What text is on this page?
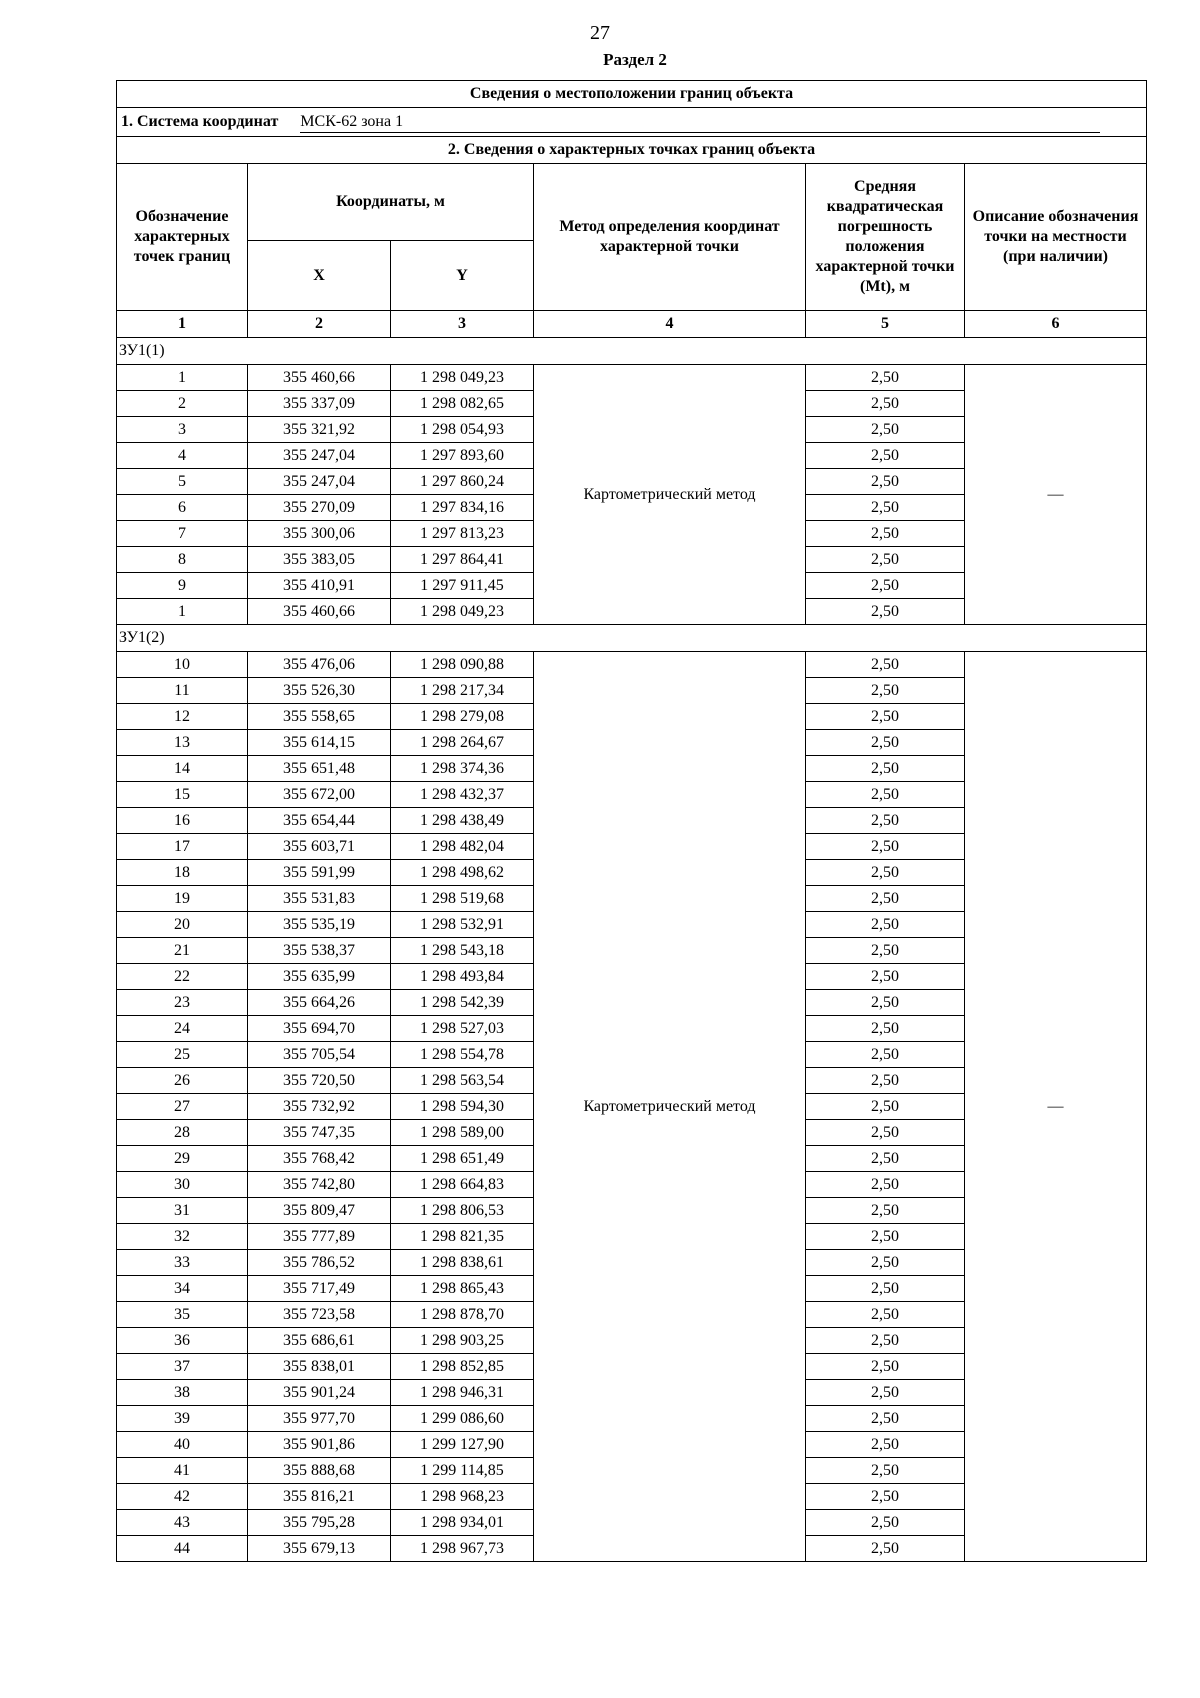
27
Раздел 2
Сведения о местоположении границ объекта					
1. Система координат МСК-62 зона 1					
2. Сведения о характерных точках границ объекта					
Обозначение характерных точек границ	Координаты, м		Метод определения координат характерной точки	Средняя квадратическая погрешность положения характерной точки (Mt), м	Описание обозначения точки на местности (при наличии)
	X	Y			
1	2	3	4	5	6
ЗУ1(1)					
1	355 460,66	1 298 049,23	Картометрический метод	2,50	—
2	355 337,09	1 298 082,65		2,50	
3	355 321,92	1 298 054,93		2,50	
4	355 247,04	1 297 893,60		2,50	
5	355 247,04	1 297 860,24		2,50	
6	355 270,09	1 297 834,16		2,50	
7	355 300,06	1 297 813,23		2,50	
8	355 383,05	1 297 864,41		2,50	
9	355 410,91	1 297 911,45		2,50	
1	355 460,66	1 298 049,23		2,50	
ЗУ1(2)					
10	355 476,06	1 298 090,88	Картометрический метод	2,50	—
11	355 526,30	1 298 217,34		2,50	
12	355 558,65	1 298 279,08		2,50	
13	355 614,15	1 298 264,67		2,50	
14	355 651,48	1 298 374,36		2,50	
15	355 672,00	1 298 432,37		2,50	
16	355 654,44	1 298 438,49		2,50	
17	355 603,71	1 298 482,04		2,50	
18	355 591,99	1 298 498,62		2,50	
19	355 531,83	1 298 519,68		2,50	
20	355 535,19	1 298 532,91		2,50	
21	355 538,37	1 298 543,18		2,50	
22	355 635,99	1 298 493,84		2,50	
23	355 664,26	1 298 542,39		2,50	
24	355 694,70	1 298 527,03		2,50	
25	355 705,54	1 298 554,78		2,50	
26	355 720,50	1 298 563,54		2,50	
27	355 732,92	1 298 594,30		2,50	
28	355 747,35	1 298 589,00		2,50	
29	355 768,42	1 298 651,49		2,50	
30	355 742,80	1 298 664,83		2,50	
31	355 809,47	1 298 806,53		2,50	
32	355 777,89	1 298 821,35		2,50	
33	355 786,52	1 298 838,61		2,50	
34	355 717,49	1 298 865,43		2,50	
35	355 723,58	1 298 878,70		2,50	
36	355 686,61	1 298 903,25		2,50	
37	355 838,01	1 298 852,85		2,50	
38	355 901,24	1 298 946,31		2,50	
39	355 977,70	1 299 086,60		2,50	
40	355 901,86	1 299 127,90		2,50	
41	355 888,68	1 299 114,85		2,50	
42	355 816,21	1 298 968,23		2,50	
43	355 795,28	1 298 934,01		2,50	
44	355 679,13	1 298 967,73		2,50	
